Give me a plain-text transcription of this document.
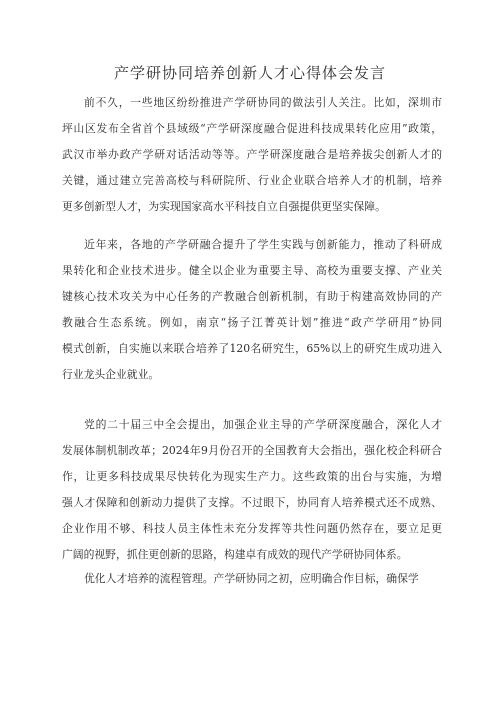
产学研协同培养创新人才心得体会发言
前不久，一些地区纷纷推进产学研协同的做法引人关注。比如，深圳市
坪山区发布全省首个县域级“产学研深度融合促进科技成果转化应用”政策，
武汉市举办政产学研对话活动等等。产学研深度融合是培养拔尖创新人才的
关键，通过建立完善高校与科研院所、行业企业联合培养人才的机制，培养
更多创新型人才，为实现国家高水平科技自立自强提供更坚实保障。
近年来，各地的产学研融合提升了学生实践与创新能力，推动了科研成
果转化和企业技术进步。健全以企业为重要主导、高校为重要支撑、产业关
键核心技术攻关为中心任务的产教融合创新机制，有助于构建高效协同的产
教融合生态系统。例如，南京“扬子江菁英计划”推进“政产学研用”协同
模式创新，自实施以来联合培养了120名研究生，65%以上的研究生成功进入
行业龙头企业就业。
党的二十届三中全会提出，加强企业主导的产学研深度融合，深化人才
发展体制机制改革；2024年9月份召开的全国教育大会指出，强化校企科研合
作，让更多科技成果尽快转化为现实生产力。这些政策的出台与实施，为增
强人才保障和创新动力提供了支撑。不过眼下，协同育人培养模式还不成熟、
企业作用不够、科技人员主体性未充分发挥等共性问题仍然存在，要立足更
广阔的视野，抓住更创新的思路，构建卓有成效的现代产学研协同体系。
优化人才培养的流程管理。产学研协同之初，应明确合作目标，确保学
